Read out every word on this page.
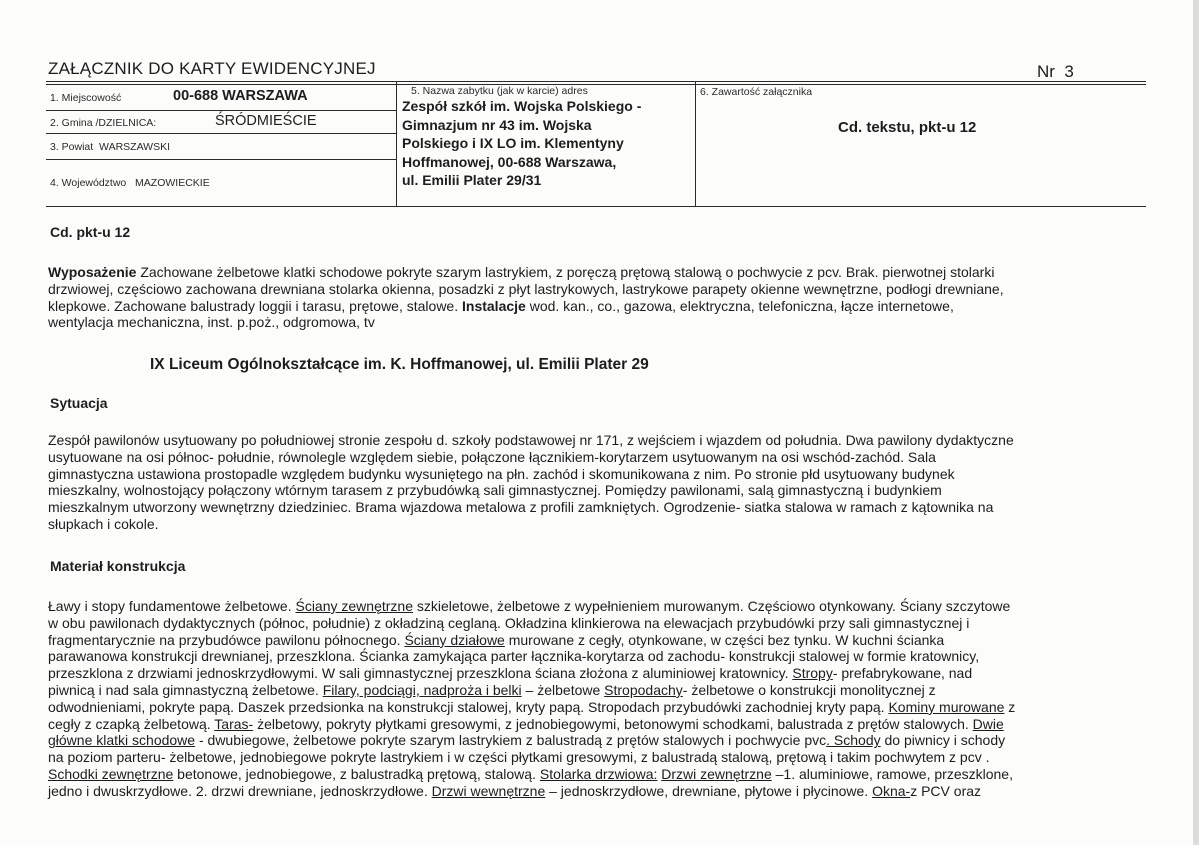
ZAŁĄCZNIK DO KARTY EWIDENCYJNEJ	Nr 3
1. Miejscowość	00-688 WARSZAWA
2. Gmina /DZIELNICA:	ŚRÓDMIEŚCIE
3. Powiat WARSZAWSKI
4. Województwo MAZOWIECKIE
5. Nazwa zabytku (jak w karcie) adres
Zespół szkół im. Wojska Polskiego -
Gimnazjum nr 43 im. Wojska
Polskiego i IX LO im. Klementyny
Hoffmanowej, 00-688 Warszawa,
ul. Emilii Plater 29/31
6. Zawartość załącznika
Cd. tekstu, pkt-u 12
Cd. pkt-u 12
Wyposażenie Zachowane żelbetowe klatki schodowe pokryte szarym lastrykiem, z poręczą prętową stalową o pochwycie z pcv. Brak. pierwotnej stolarki
drzwiowej, częściowo zachowana drewniana stolarka okienna, posadzki z płyt lastrykowych, lastrykowe parapety okienne wewnętrzne, podłogi drewniane,
klepkowe. Zachowane balustrady loggii i tarasu, prętowe, stalowe. Instalacje wod. kan., co., gazowa, elektryczna, telefoniczna, łącze internetowe,
wentylacja mechaniczna, inst. p.poż., odgromowa, tv
IX Liceum Ogólnokształcące im. K. Hoffmanowej, ul. Emilii Plater 29
Sytuacja
Zespół pawilonów usytuowany po południowej stronie zespołu d. szkoły podstawowej nr 171, z wejściem i wjazdem od południa. Dwa pawilony dydaktyczne
usytuowane na osi północ- południe, równolegle względem siebie, połączone łącznikiem-korytarzem usytuowanym na osi wschód-zachód. Sala
gimnastyczna ustawiona prostopadle względem budynku wysuniętego na płn. zachód i skomunikowana z nim. Po stronie płd usytuowany budynek
mieszkalny, wolnostojący połączony wtórnym tarasem z przybudówką sali gimnastycznej. Pomiędzy pawilonami, salą gimnastyczną i budynkiem
mieszkalnym utworzony wewnętrzny dziedziniec. Brama wjazdowa metalowa z profili zamkniętych. Ogrodzenie- siatka stalowa w ramach z kątownika na
słupkach i cokole.
Materiał konstrukcja
Ławy i stopy fundamentowe żelbetowe. Ściany zewnętrzne szkieletowe, żelbetowe z wypełnieniem murowanym. Częściowo otynkowany. Ściany szczytowe
w obu pawilonach dydaktycznych (północ, południe) z okładziną ceglaną. Okładzina klinkierowa na elewacjach przybudówki przy sali gimnastycznej i
fragmentarycznie na przybudówce pawilonu północnego. Ściany działowe murowane z cegły, otynkowane, w części bez tynku. W kuchni ścianka
parawanowa konstrukcji drewnianej, przeszklona. Ścianka zamykająca parter łącznika-korytarza od zachodu- konstrukcji stalowej w formie kratownicy,
przeszklona z drzwiami jednoskrzydłowymi. W sali gimnastycznej przeszklona ściana złożona z aluminiowej kratownicy. Stropy- prefabrykowane, nad
piwnicą i nad sala gimnastyczną żelbetowe. Filary, podciągi, nadproża i belki – żelbetowe Stropodachy- żelbetowe o konstrukcji monolitycznej z
odwodnieniami, pokryte papą. Daszek przedsionka na konstrukcji stalowej, kryty papą. Stropodach przybudówki zachodniej kryty papą. Kominy murowane z
cegły z czapką żelbetową. Taras- żelbetowy, pokryty płytkami gresowymi, z jednobiegowymi, betonowymi schodkami, balustrada z prętów stalowych. Dwie
główne klatki schodowe - dwubiegowe, żelbetowe pokryte szarym lastrykiem z balustradą z prętów stalowych i pochwycie pvc. Schody do piwnicy i schody
na poziom parteru- żelbetowe, jednobiegowe pokryte lastrykiem i w części płytkami gresowymi, z balustradą stalową, prętową i takim pochwytem z pcv .
Schodki zewnętrzne betonowe, jednobiegowe, z balustradką prętową, stalową. Stolarka drzwiowa: Drzwi zewnętrzne –1. aluminiowe, ramowe, przeszklone,
jedno i dwuskrzydłowe. 2. drzwi drewniane, jednoskrzydłowe. Drzwi wewnętrzne – jednoskrzydłowe, drewniane, płytowe i płycinowe. Okna-z PCV oraz
